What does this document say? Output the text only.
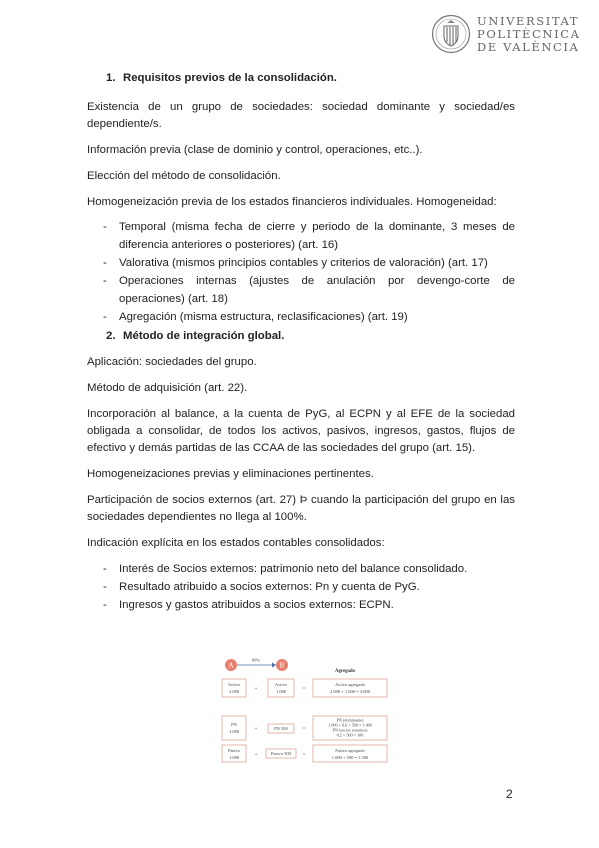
UNIVERSITAT
POLITÈCNICA
DE VALÈNCIA

1. Requisitos previos de la consolidación.

Existencia de un grupo de sociedades: sociedad dominante y sociedad/es dependiente/s.

Información previa (clase de dominio y control, operaciones, etc..).

Elección del método de consolidación.

Homogeneización previa de los estados financieros individuales. Homogeneidad:

- Temporal (misma fecha de cierre y periodo de la dominante, 3 meses de diferencia anteriores o posteriores) (art. 16)
- Valorativa (mismos principios contables y criterios de valoración) (art. 17)
- Operaciones internas (ajustes de anulación por devengo-corte de operaciones) (art. 18)
- Agregación (misma estructura, reclasificaciones) (art. 19)

2. Método de integración global.

Aplicación: sociedades del grupo.

Método de adquisición (art. 22).

Incorporación al balance, a la cuenta de PyG, al ECPN y al EFE de la sociedad obligada a consolidar, de todos los activos, pasivos, ingresos, gastos, flujos de efectivo y demás partidas de las CCAA de las sociedades del grupo (art. 15).

Homogeneizaciones previas y eliminaciones pertinentes.

Participación de socios externos (art. 27) Þ cuando la participación del grupo en las sociedades dependientes no llega al 100%.

Indicación explícita en los estados contables consolidados:

- Interés de Socios externos: patrimonio neto del balance consolidado.
- Resultado atribuido a socios externos: Pn y cuenta de PyG.
- Ingresos y gastos atribuidos a socios externos: ECPN.
A
60%
B
Agregado
Activo
2.000	+
Activo
1.000	=
Activo agregado
2.000 + 1.000 = 3.000
PN
1.000	+	PN 500	=
PN (dominante)
1.000 + 0,6 × 500 = 1.400
PN (socios externos)
0,2 × 500 = 100
Pasivo
1.000	+	Pasivo 500 =
Pasivo agregado
1.000 + 500 = 1.500
2
